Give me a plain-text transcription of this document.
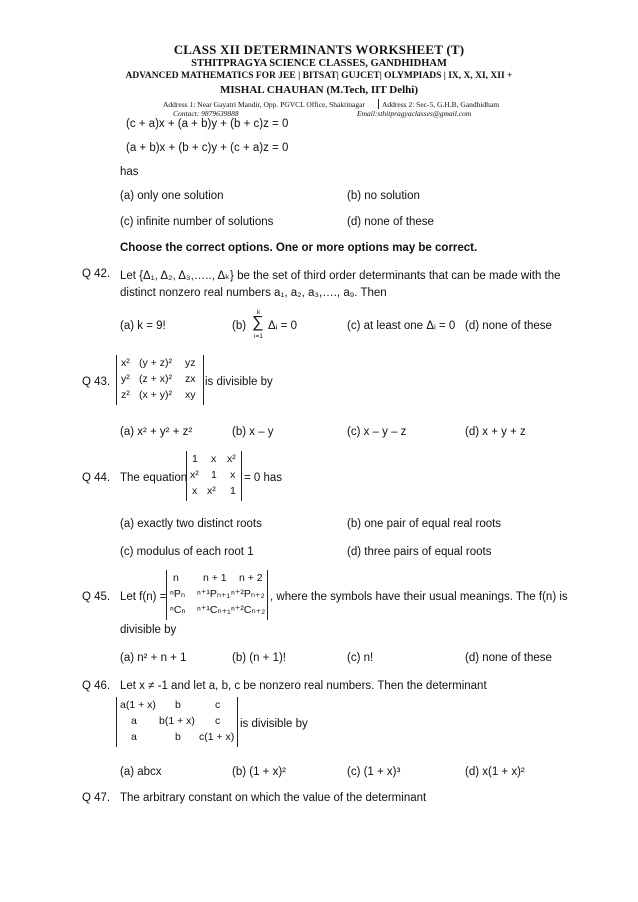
CLASS XII DETERMINANTS WORKSHEET (T)
STHITPRAGYA SCIENCE CLASSES, GANDHIDHAM
ADVANCED MATHEMATICS FOR JEE | BITSAT| GUJCET| OLYMPIADS | IX, X, XI, XII +
MISHAL CHAUHAN (M.Tech, IIT Delhi)
Address 1: Near Gayatri Mandir, Opp. PGVCL Office, Shaktinagar Address 2: Sec-5, G.H.B, Gandhidham
Contact: 9879639888	Email:sthitpragyaclasses@gmail.com
(c + a)x + (a + b)y + (b + c)z = 0
(a + b)x + (b + c)y + (c + a)z = 0
has
(a) only one solution	(b) no solution
(c) infinite number of solutions	(d) none of these
Choose the correct options. One or more options may be correct.
Q 42. Let {Δ₁, Δ₂, Δ₃,….., Δₖ} be the set of third order determinants that can be made with the
distinct nonzero real numbers a₁, a₂, a₃,…., a₉. Then
(a) k = 9!	(b)
k
∑
i=1
Δᵢ = 0	(c) at least one Δᵢ = 0 (d) none of these
Q 43.
x² (y + z)² yz
y² (z + x)² zx
z² (x + y)² xy
is divisible by
(a) x² + y² + z²	(b) x – y	(c) x – y – z	(d) x + y + z
Q 44. The equation
1 x x²
x² 1 x
x x² 1
= 0 has
(a) exactly two distinct roots	(b) one pair of equal real roots
(c) modulus of each root 1	(d) three pairs of equal roots
Q 45. Let f(n) =
n n + 1 n + 2
ⁿPₙ ⁿ⁺¹Pₙ₊₁ ⁿ⁺²Pₙ₊₂
ⁿCₙ ⁿ⁺¹Cₙ₊₁ ⁿ⁺²Cₙ₊₂
, where the symbols have their usual meanings. The f(n) is
divisible by
(a) n² + n + 1	(b) (n + 1)!	(c) n!	(d) none of these
Q 46. Let x ≠ -1 and let a, b, c be nonzero real numbers. Then the determinant
a(1 + x) b	c
a b(1 + x) c
a	b c(1 + x)
is divisible by
(a) abcx	(b) (1 + x)²	(c) (1 + x)³	(d) x(1 + x)²
Q 47. The arbitrary constant on which the value of the determinant
